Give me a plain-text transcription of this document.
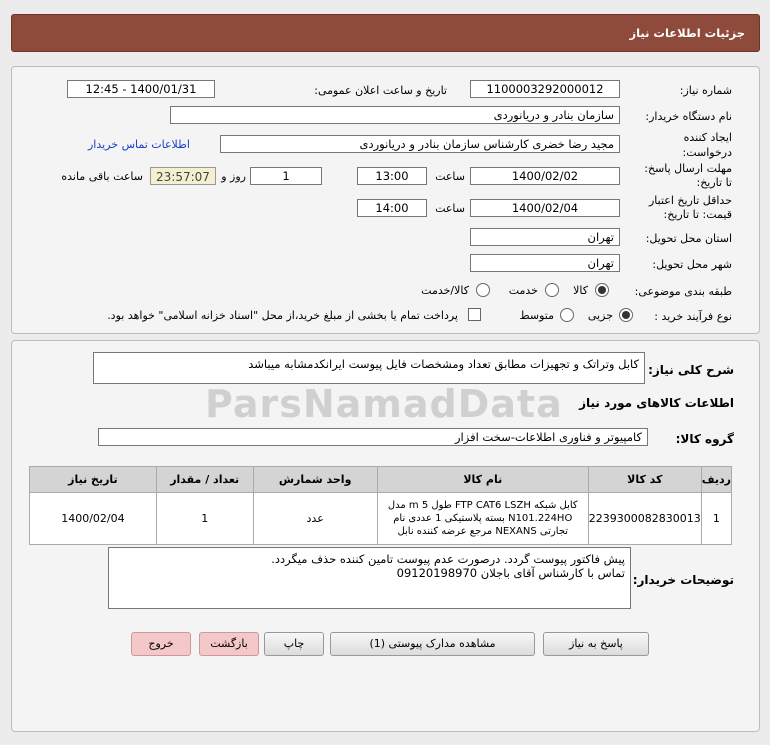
جزئیات اطلاعات نیاز
شماره نیاز:
1100003292000012
تاریخ و ساعت اعلان عمومی:
1400/01/31 - 12:45
نام دستگاه خریدار:
سازمان بنادر و دریانوردی
ایجاد کننده
درخواست:
مجید رضا خضری کارشناس سازمان بنادر و دریانوردی
اطلاعات تماس خریدار
مهلت ارسال پاسخ:
تا تاریخ:
1400/02/02
ساعت
13:00
1
روز و
23:57:07
ساعت باقی مانده
حداقل تاریخ اعتبار
قیمت: تا تاریخ:
1400/02/04
ساعت
14:00
استان محل تحویل:
تهران
شهر محل تحویل:
تهران
طبقه بندی موضوعی:
کالا
خدمت
کالا/خدمت
نوع فرآیند خرید :
جزیی
متوسط
پرداخت تمام یا بخشی از مبلغ خرید،از محل "اسناد خزانه اسلامی" خواهد بود.
شرح کلی نیاز:
کابل وتراتک و تجهیزات مطابق تعداد ومشخصات فایل پیوست ایرانکدمشابه میباشد
اطلاعات کالاهای مورد نیاز
گروه کالا:
کامپیوتر و فناوری اطلاعات-سخت افزار
ParsNamadData
ردیف	کد کالا	نام کالا	واحد شمارش	تعداد / مقدار	تاریخ نیاز
1	2239300082830013	کابل شبکه FTP CAT6 LSZH طول 5 m مدل N101.224HO بسته پلاستیکی 1 عددی نام تجارتی NEXANS مرجع عرضه کننده نابل	عدد	1	1400/02/04
توضیحات خریدار:
پیش فاکتور پیوست گردد. درصورت عدم پیوست تامین کننده حذف میگردد.
تماس با کارشناس آقای باجلان 09120198970
پاسخ به نیاز
مشاهده مدارک پیوستی (1)
چاپ
بازگشت
خروج
